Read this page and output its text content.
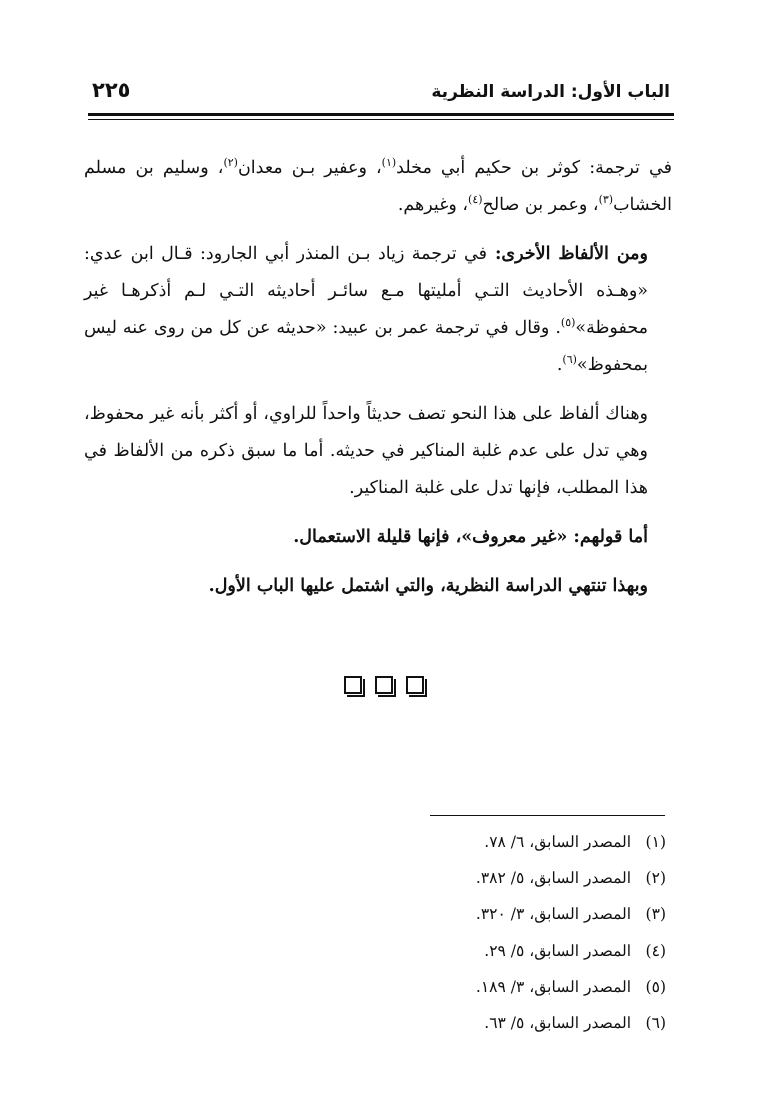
الباب الأول: الدراسة النظرية
٢٢٥

في ترجمة: كوثر بن حكيم أبي مخلد$^{(١)}$، وعفير بـن معدان$^{(٢)}$، وسليم بن مسلم الخشاب$^{(٣)}$، وعمر بن صالح$^{(٤)}$، وغيرهم.

ومن الألفاظ الأخرى: في ترجمة زياد بـن المنذر أبي الجارود: قـال ابن عدي: «وهـذه الأحاديث التـي أمليتها مـع سائـر أحاديثه التـي لـم أذكرهـا غير محفوظة»$^{(٥)}$. وقال في ترجمة عمر بن عبيد: «حديثه عن كل من روى عنه ليس بمحفوظ»$^{(٦)}$.

وهناك ألفاظ على هذا النحو تصف حديثاً واحداً للراوي، أو أكثر بأنه غير محفوظ، وهي تدل على عدم غلبة المناكير في حديثه. أما ما سبق ذكره من الألفاظ في هذا المطلب، فإنها تدل على غلبة المناكير.

أما قولهم: «غير معروف»، فإنها قليلة الاستعمال.

وبهذا تنتهي الدراسة النظرية، والتي اشتمل عليها الباب الأول.

(١) المصدر السابق، ٦/ ٧٨.
(٢) المصدر السابق، ٥/ ٣٨٢.
(٣) المصدر السابق، ٣/ ٣٢٠.
(٤) المصدر السابق، ٥/ ٢٩.
(٥) المصدر السابق، ٣/ ١٨٩.
(٦) المصدر السابق، ٥/ ٦٣.
